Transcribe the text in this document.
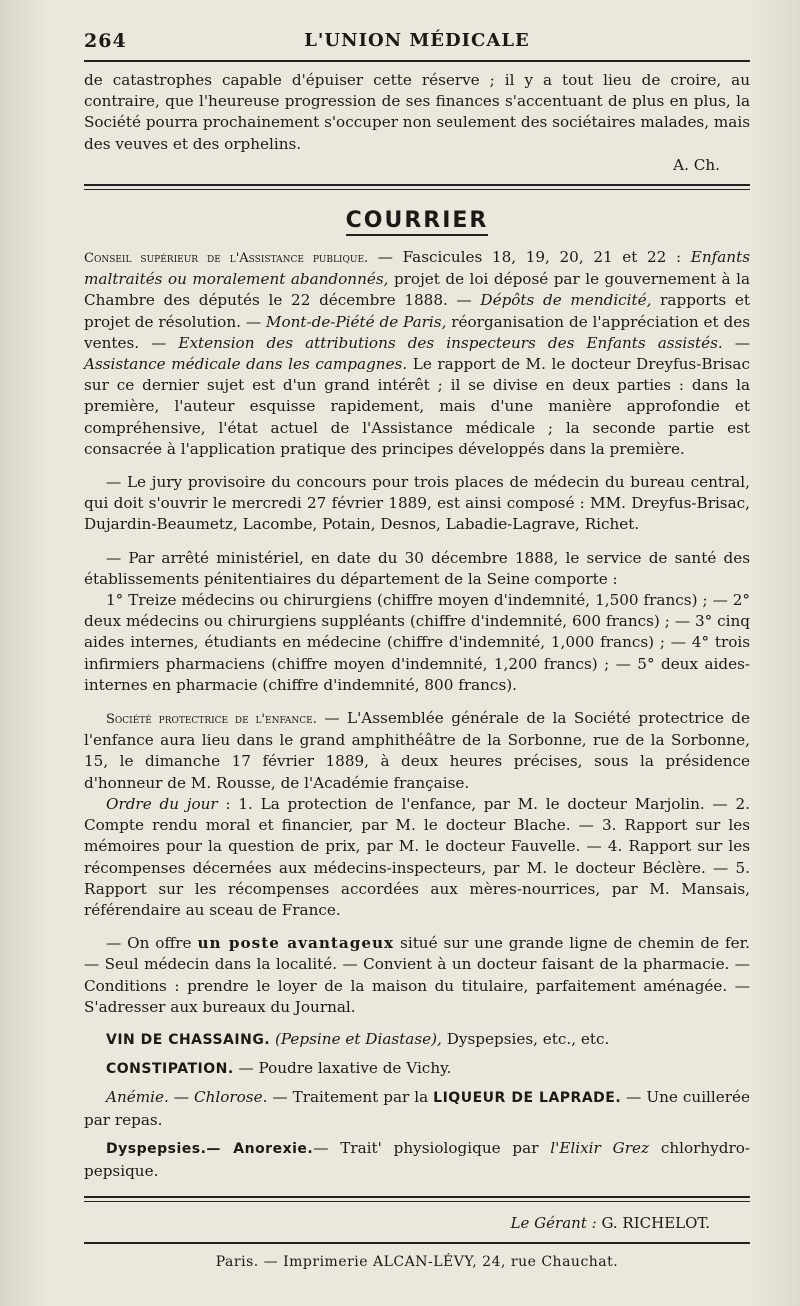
264	L'UNION MÉDICALE

de catastrophes capable d'épuiser cette réserve ; il y a tout lieu de croire, au contraire, que l'heureuse progression de ses finances s'accentuant de plus en plus, la Société pourra prochainement s'occuper non seulement des sociétaires malades, mais des veuves et des orphelins.

A. Ch.

COURRIER

Conseil supérieur de l'Assistance publique. — Fascicules 18, 19, 20, 21 et 22 : Enfants maltraités ou moralement abandonnés, projet de loi déposé par le gouvernement à la Chambre des députés le 22 décembre 1888. — Dépôts de mendicité, rapports et projet de résolution. — Mont-de-Piété de Paris, réorganisation de l'appréciation et des ventes. — Extension des attributions des inspecteurs des Enfants assistés. — Assistance médicale dans les campagnes. Le rapport de M. le docteur Dreyfus-Brisac sur ce dernier sujet est d'un grand intérêt ; il se divise en deux parties : dans la première, l'auteur esquisse rapidement, mais d'une manière approfondie et compréhensive, l'état actuel de l'Assistance médicale ; la seconde partie est consacrée à l'application pratique des principes développés dans la première.

— Le jury provisoire du concours pour trois places de médecin du bureau central, qui doit s'ouvrir le mercredi 27 février 1889, est ainsi composé : MM. Dreyfus-Brisac, Dujardin-Beaumetz, Lacombe, Potain, Desnos, Labadie-Lagrave, Richet.

— Par arrêté ministériel, en date du 30 décembre 1888, le service de santé des établissements pénitentiaires du département de la Seine comporte :

1° Treize médecins ou chirurgiens (chiffre moyen d'indemnité, 1,500 francs) ; — 2° deux médecins ou chirurgiens suppléants (chiffre d'indemnité, 600 francs) ; — 3° cinq aides internes, étudiants en médecine (chiffre d'indemnité, 1,000 francs) ; — 4° trois infirmiers pharmaciens (chiffre moyen d'indemnité, 1,200 francs) ; — 5° deux aides-internes en pharmacie (chiffre d'indemnité, 800 francs).

Société protectrice de l'enfance. — L'Assemblée générale de la Société protectrice de l'enfance aura lieu dans le grand amphithéâtre de la Sorbonne, rue de la Sorbonne, 15, le dimanche 17 février 1889, à deux heures précises, sous la présidence d'honneur de M. Rousse, de l'Académie française.

Ordre du jour : 1. La protection de l'enfance, par M. le docteur Marjolin. — 2. Compte rendu moral et financier, par M. le docteur Blache. — 3. Rapport sur les mémoires pour la question de prix, par M. le docteur Fauvelle. — 4. Rapport sur les récompenses décernées aux médecins-inspecteurs, par M. le docteur Béclère. — 5. Rapport sur les récompenses accordées aux mères-nourrices, par M. Mansais, référendaire au sceau de France.

— On offre un poste avantageux situé sur une grande ligne de chemin de fer. — Seul médecin dans la localité. — Convient à un docteur faisant de la pharmacie. — Conditions : prendre le loyer de la maison du titulaire, parfaitement aménagée. — S'adresser aux bureaux du Journal.

VIN DE CHASSAING. (Pepsine et Diastase), Dyspepsies, etc., etc.

CONSTIPATION. — Poudre laxative de Vichy.

Anémie. — Chlorose. — Traitement par la LIQUEUR DE LAPRADE. — Une cuillerée par repas.

Dyspepsies.— Anorexie.— Trait' physiologique par l'Elixir Grez chlorhydro-pepsique.

Le Gérant : G. RICHELOT.
Paris. — Imprimerie ALCAN-LÉVY, 24, rue Chauchat.
